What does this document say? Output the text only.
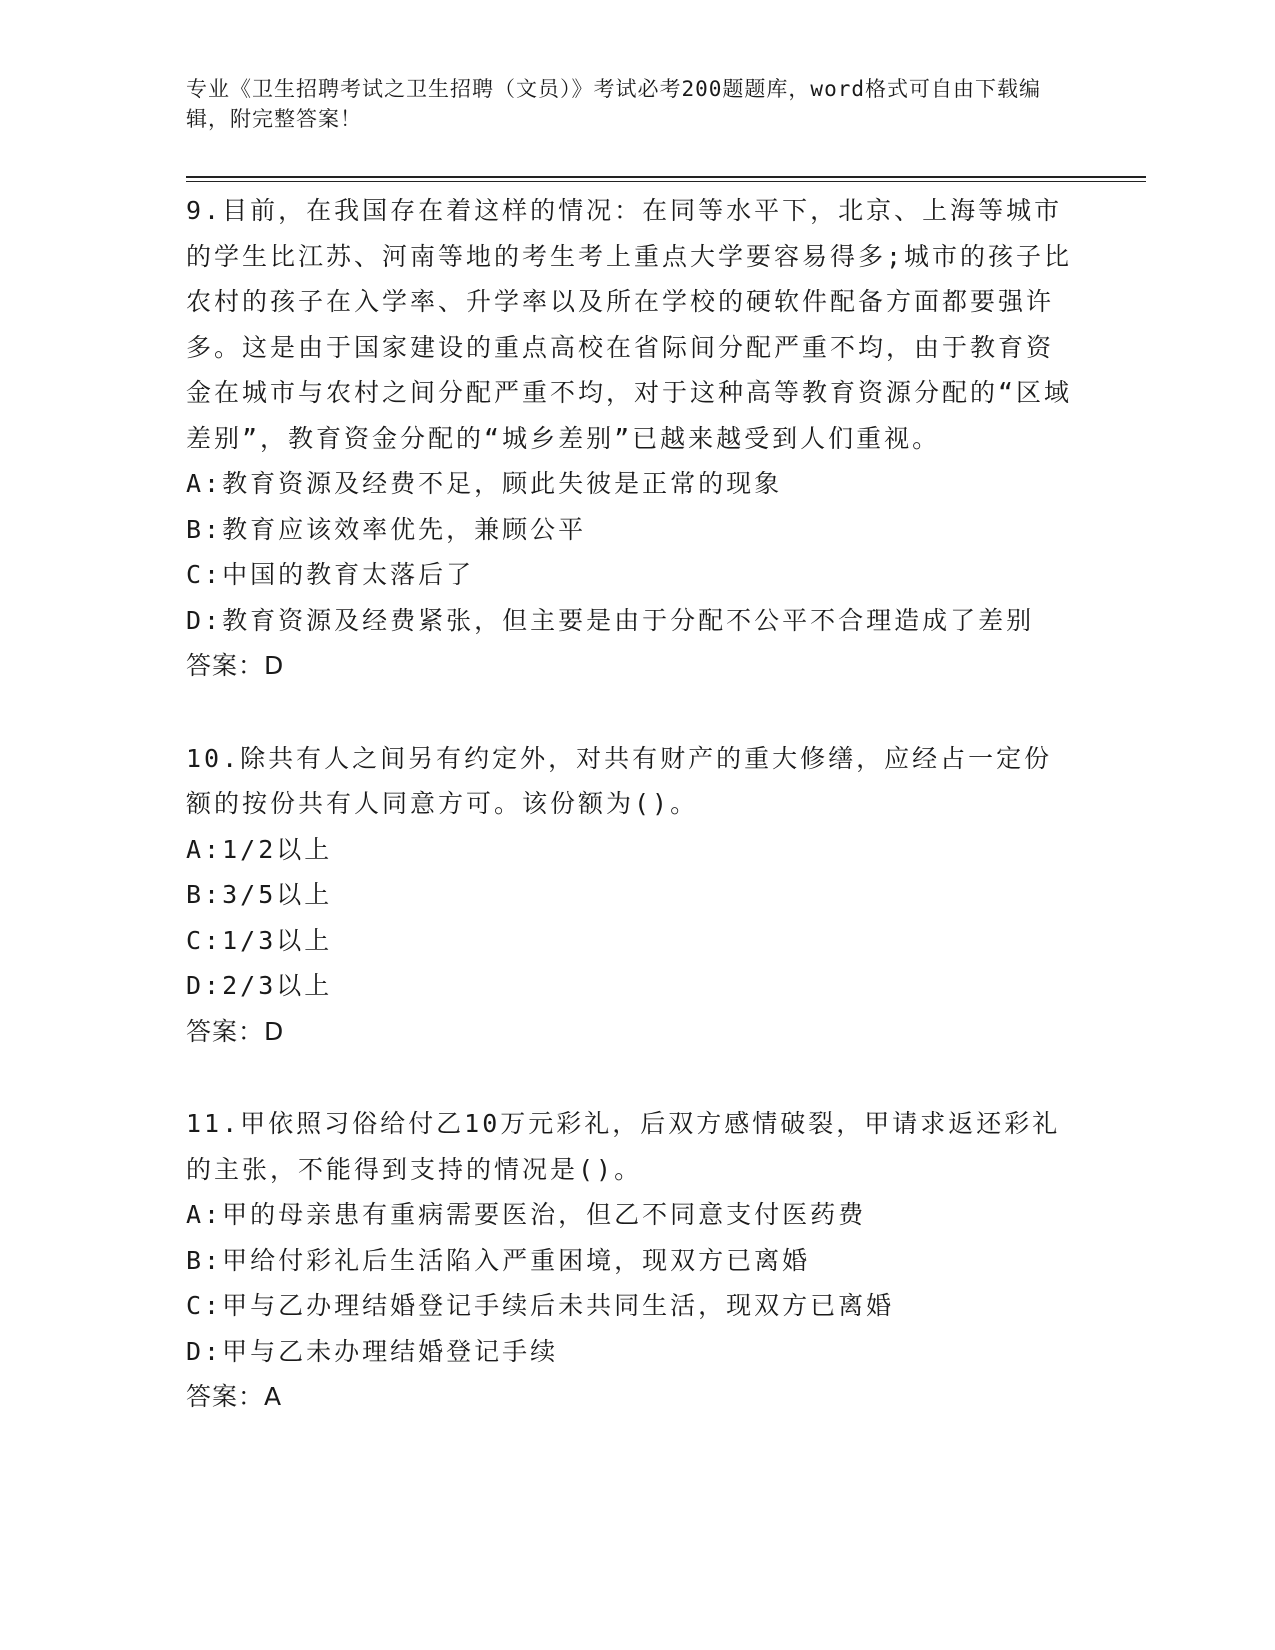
专业《卫生招聘考试之卫生招聘（文员）》考试必考200题题库，word格式可自由下载编辑，附完整答案！

9.目前，在我国存在着这样的情况：在同等水平下，北京、上海等城市的学生比江苏、河南等地的考生考上重点大学要容易得多;城市的孩子比农村的孩子在入学率、升学率以及所在学校的硬软件配备方面都要强许多。这是由于国家建设的重点高校在省际间分配严重不均，由于教育资金在城市与农村之间分配严重不均，对于这种高等教育资源分配的“区域差别”，教育资金分配的“城乡差别”已越来越受到人们重视。

A:教育资源及经费不足，顾此失彼是正常的现象

B:教育应该效率优先，兼顾公平

C:中国的教育太落后了

D:教育资源及经费紧张，但主要是由于分配不公平不合理造成了差别

答案：D

10.除共有人之间另有约定外，对共有财产的重大修缮，应经占一定份额的按份共有人同意方可。该份额为()。

A:1/2以上

B:3/5以上

C:1/3以上

D:2/3以上

答案：D

11.甲依照习俗给付乙10万元彩礼，后双方感情破裂，甲请求返还彩礼的主张，不能得到支持的情况是()。

A:甲的母亲患有重病需要医治，但乙不同意支付医药费

B:甲给付彩礼后生活陷入严重困境，现双方已离婚

C:甲与乙办理结婚登记手续后未共同生活，现双方已离婚

D:甲与乙未办理结婚登记手续

答案：A
